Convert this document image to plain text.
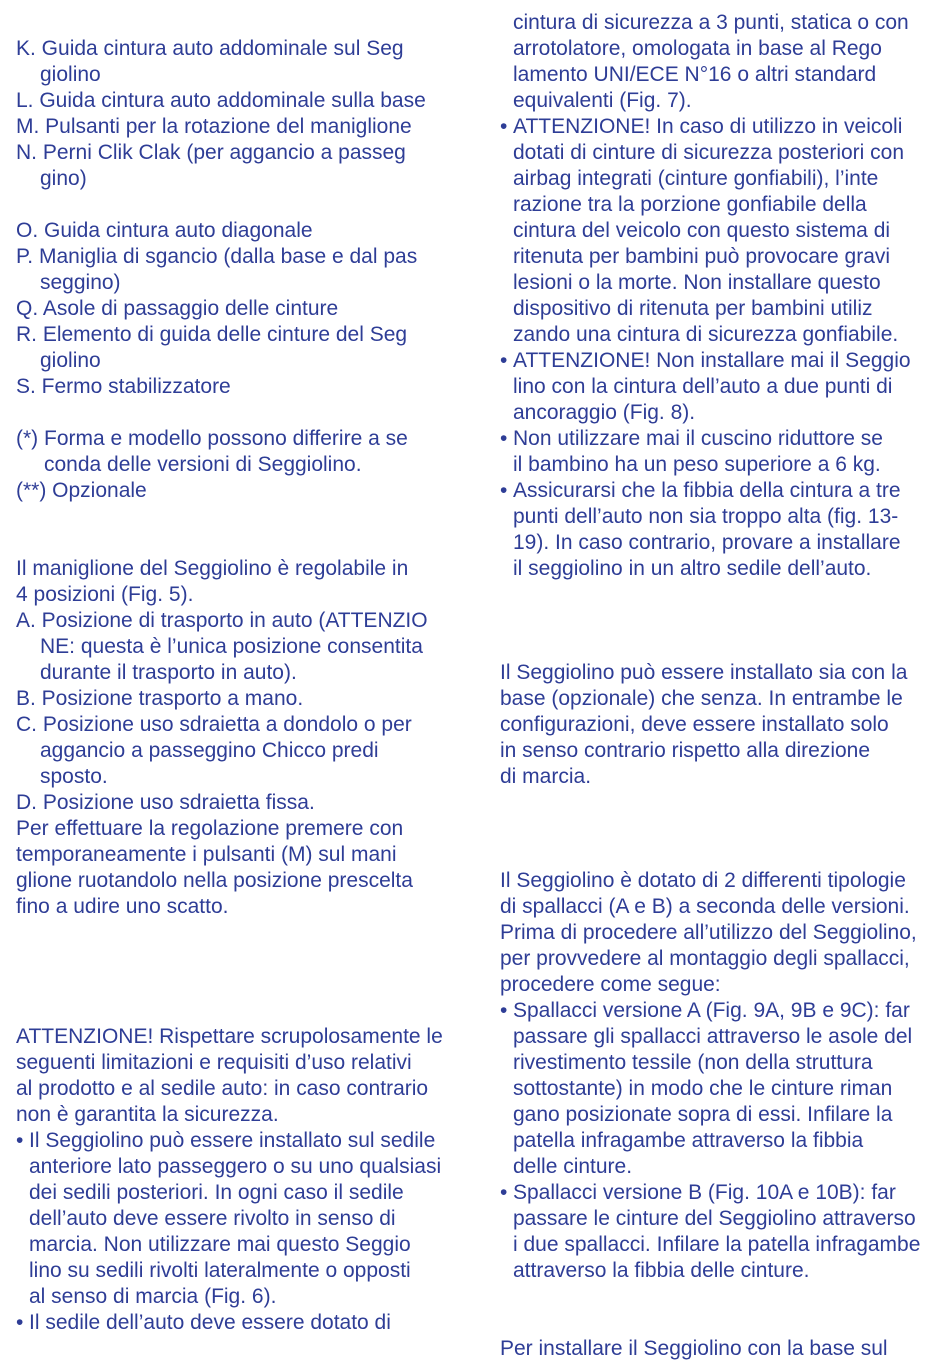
K. Guida cintura auto addominale sul Seg
giolino
L. Guida cintura auto addominale sulla base
M. Pulsanti per la rotazione del maniglione
N. Perni Clik Clak (per aggancio a passeg
gino)
O. Guida cintura auto diagonale
P. Maniglia di sgancio (dalla base e dal pas
seggino)
Q. Asole di passaggio delle cinture
R. Elemento di guida delle cinture del Seg
giolino
S. Fermo stabilizzatore
(*) Forma e modello possono differire a se
conda delle versioni di Seggiolino.
(**) Opzionale
Il maniglione del Seggiolino è regolabile in
4 posizioni (Fig. 5).
A. Posizione di trasporto in auto (ATTENZIO
NE: questa è l’unica posizione consentita
durante il trasporto in auto).
B. Posizione trasporto a mano.
C. Posizione uso sdraietta a dondolo o per
aggancio a passeggino Chicco predi
sposto.
D. Posizione uso sdraietta fissa.
Per effettuare la regolazione premere con
temporaneamente i pulsanti (M) sul mani
glione ruotandolo nella posizione prescelta
fino a udire uno scatto.
ATTENZIONE! Rispettare scrupolosamente le
seguenti limitazioni e requisiti d’uso relativi
al prodotto e al sedile auto: in caso contrario
non è garantita la sicurezza.
• Il Seggiolino può essere installato sul sedile
anteriore lato passeggero o su uno qualsiasi
dei sedili posteriori. In ogni caso il sedile
dell’auto deve essere rivolto in senso di
marcia. Non utilizzare mai questo Seggio
lino su sedili rivolti lateralmente o opposti
al senso di marcia (Fig. 6).
• Il sedile dell’auto deve essere dotato di
cintura di sicurezza a 3 punti, statica o con
arrotolatore, omologata in base al Rego
lamento UNI/ECE N°16 o altri standard
equivalenti (Fig. 7).
• ATTENZIONE! In caso di utilizzo in veicoli
dotati di cinture di sicurezza posteriori con
airbag integrati (cinture gonfiabili), l’inte
razione tra la porzione gonfiabile della
cintura del veicolo con questo sistema di
ritenuta per bambini può provocare gravi
lesioni o la morte. Non installare questo
dispositivo di ritenuta per bambini utiliz
zando una cintura di sicurezza gonfiabile.
• ATTENZIONE! Non installare mai il Seggio
lino con la cintura dell’auto a due punti di
ancoraggio (Fig. 8).
• Non utilizzare mai il cuscino riduttore se
il bambino ha un peso superiore a 6 kg.
• Assicurarsi che la fibbia della cintura a tre
punti dell’auto non sia troppo alta (fig. 13-
19). In caso contrario, provare a installare
il seggiolino in un altro sedile dell’auto.
Il Seggiolino può essere installato sia con la
base (opzionale) che senza. In entrambe le
configurazioni, deve essere installato solo
in senso contrario rispetto alla direzione
di marcia.
Il Seggiolino è dotato di 2 differenti tipologie
di spallacci (A e B) a seconda delle versioni.
Prima di procedere all’utilizzo del Seggiolino,
per provvedere al montaggio degli spallacci,
procedere come segue:
• Spallacci versione A (Fig. 9A, 9B e 9C): far
passare gli spallacci attraverso le asole del
rivestimento tessile (non della struttura
sottostante) in modo che le cinture riman
gano posizionate sopra di essi. Infilare la
patella infragambe attraverso la fibbia
delle cinture.
• Spallacci versione B (Fig. 10A e 10B): far
passare le cinture del Seggiolino attraverso
i due spallacci. Infilare la patella infragambe
attraverso la fibbia delle cinture.
Per installare il Seggiolino con la base sul
